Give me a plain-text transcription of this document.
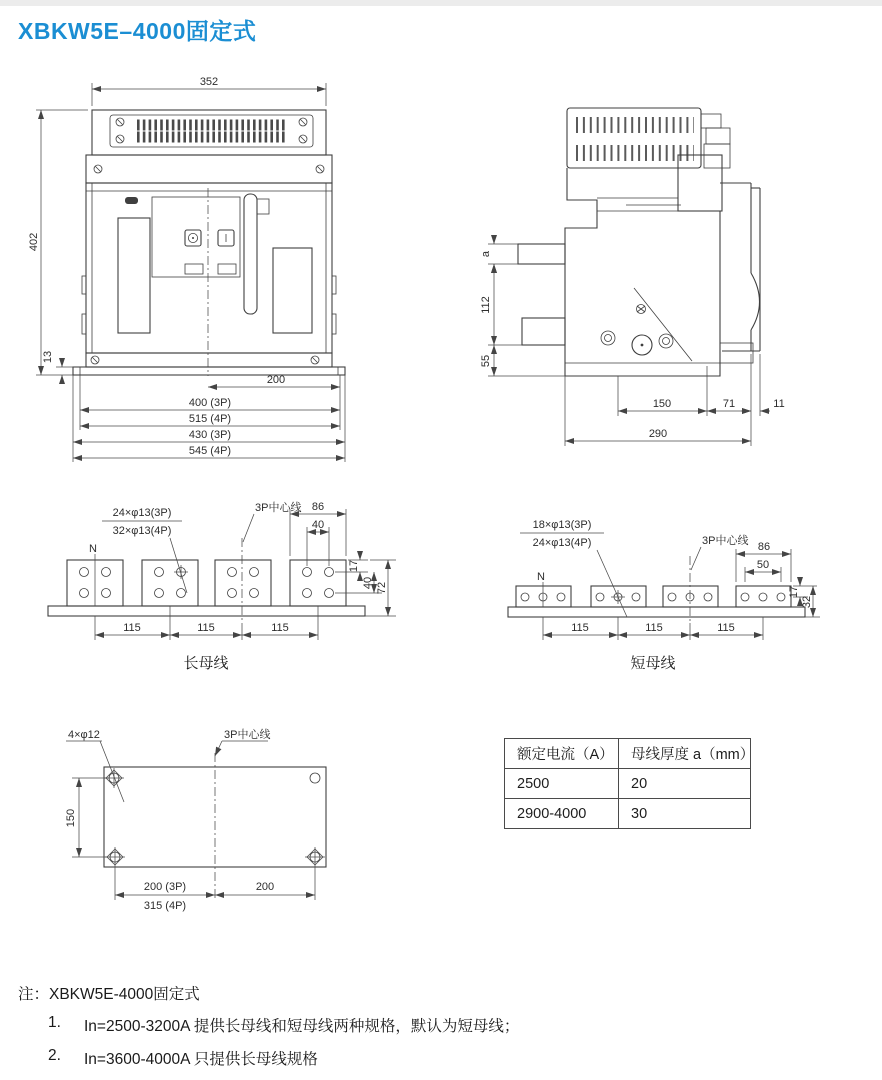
XBKW5E–4000固定式
352
402
13
200
400 (3P)
515 (4P)
430 (3P)
545 (4P)
a
112
55
150	71	11
290
24×φ13(3P)
32×φ13(4P)
3P中心线
N
86
40
17
40 72
115	115	115
长母线
18×φ13(3P)
24×φ13(4P)	3P中心线
N
86
50
17
32
115	115	115
短母线
4×φ12	3P中心线
150
200 (3P)
315 (4P)
200
额定电流（A）	母线厚度 a（mm）
2500	20
2900-4000	30
注：XBKW5E-4000固定式
1.	In=2500-3200A 提供长母线和短母线两种规格，默认为短母线；
2.	In=3600-4000A 只提供长母线规格
